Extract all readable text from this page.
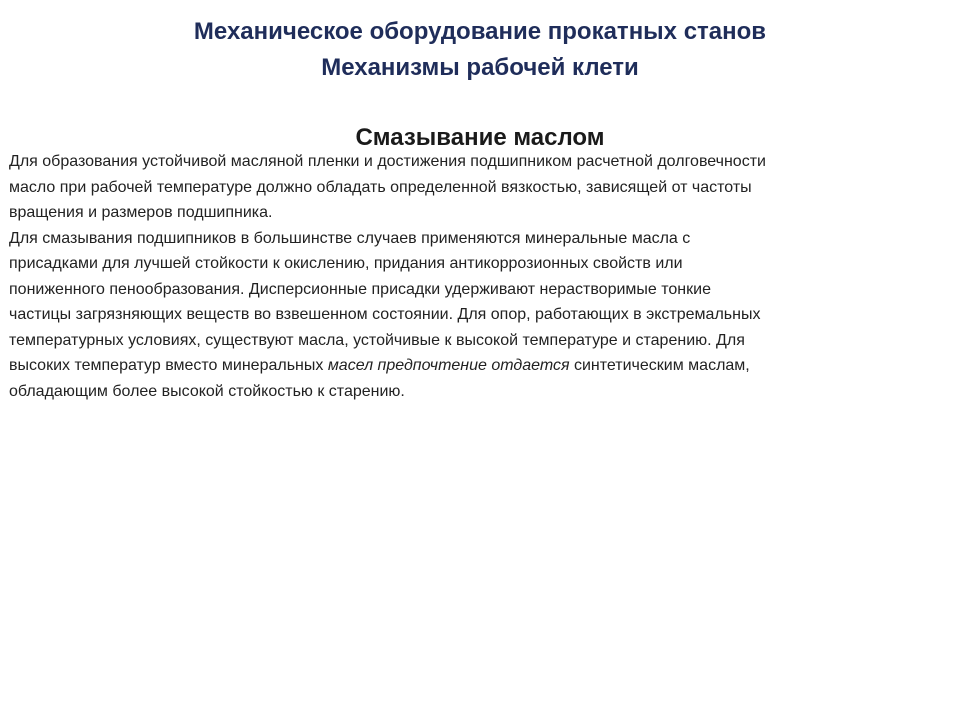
Механическое оборудование прокатных станов
Механизмы рабочей клети
Смазывание маслом
Для образования устойчивой масляной пленки и достижения подшипником расчетной долговечности
масло при рабочей температуре должно обладать определенной вязкостью, зависящей от частоты
вращения и размеров подшипника.
Для смазывания подшипников в большинстве случаев применяются минеральные масла с
присадками для лучшей стойкости к окислению, придания антикоррозионных свойств или
пониженного пенообразования. Дисперсионные присадки удерживают нерастворимые тонкие
частицы загрязняющих веществ во взвешенном состоянии. Для опор, работающих в экстремальных
температурных условиях, существуют масла, устойчивые к высокой температуре и старению. Для
высоких температур вместо минеральных масел предпочтение отдается синтетическим маслам,
обладающим более высокой стойкостью к старению.
